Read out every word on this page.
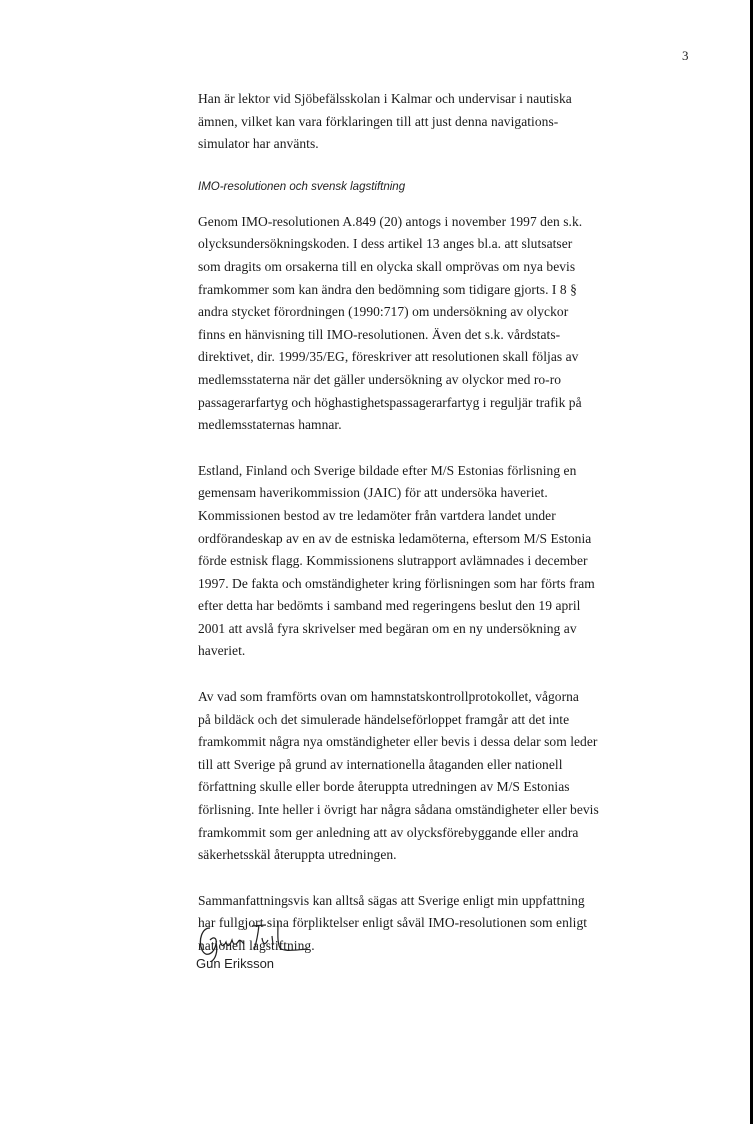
3
Han är lektor vid Sjöbefälsskolan i Kalmar och undervisar i nautiska
ämnen, vilket kan vara förklaringen till att just denna navigations-
simulator har använts.
IMO-resolutionen och svensk lagstiftning
Genom IMO-resolutionen A.849 (20) antogs i november 1997 den s.k.
olycksundersökningskoden. I dess artikel 13 anges bl.a. att slutsatser
som dragits om orsakerna till en olycka skall omprövas om nya bevis
framkommer som kan ändra den bedömning som tidigare gjorts. I 8 §
andra stycket förordningen (1990:717) om undersökning av olyckor
finns en hänvisning till IMO-resolutionen. Även det s.k. vårdstats-
direktivet, dir. 1999/35/EG, föreskriver att resolutionen skall följas av
medlemsstaterna när det gäller undersökning av olyckor med ro-ro
passagerarfartyg och höghastighetspassagerarfartyg i reguljär trafik på
medlemsstaternas hamnar.
Estland, Finland och Sverige bildade efter M/S Estonias förlisning en
gemensam haverikommission (JAIC) för att undersöka haveriet.
Kommissionen bestod av tre ledamöter från vartdera landet under
ordförandeskap av en av de estniska ledamöterna, eftersom M/S Estonia
förde estnisk flagg. Kommissionens slutrapport avlämnades i december
1997. De fakta och omständigheter kring förlisningen som har förts fram
efter detta har bedömts i samband med regeringens beslut den 19 april
2001 att avslå fyra skrivelser med begäran om en ny undersökning av
haveriet.
Av vad som framförts ovan om hamnstatskontrollprotokollet, vågorna
på bildäck och det simulerade händelseförloppet framgår att det inte
framkommit några nya omständigheter eller bevis i dessa delar som leder
till att Sverige på grund av internationella åtaganden eller nationell
författning skulle eller borde återuppta utredningen av M/S Estonias
förlisning. Inte heller i övrigt har några sådana omständigheter eller bevis
framkommit som ger anledning att av olycksförebyggande eller andra
säkerhetsskäl återuppta utredningen.
Sammanfattningsvis kan alltså sägas att Sverige enligt min uppfattning
har fullgjort sina förpliktelser enligt såväl IMO-resolutionen som enligt
nationell lagstiftning.
Gun Eriksson
